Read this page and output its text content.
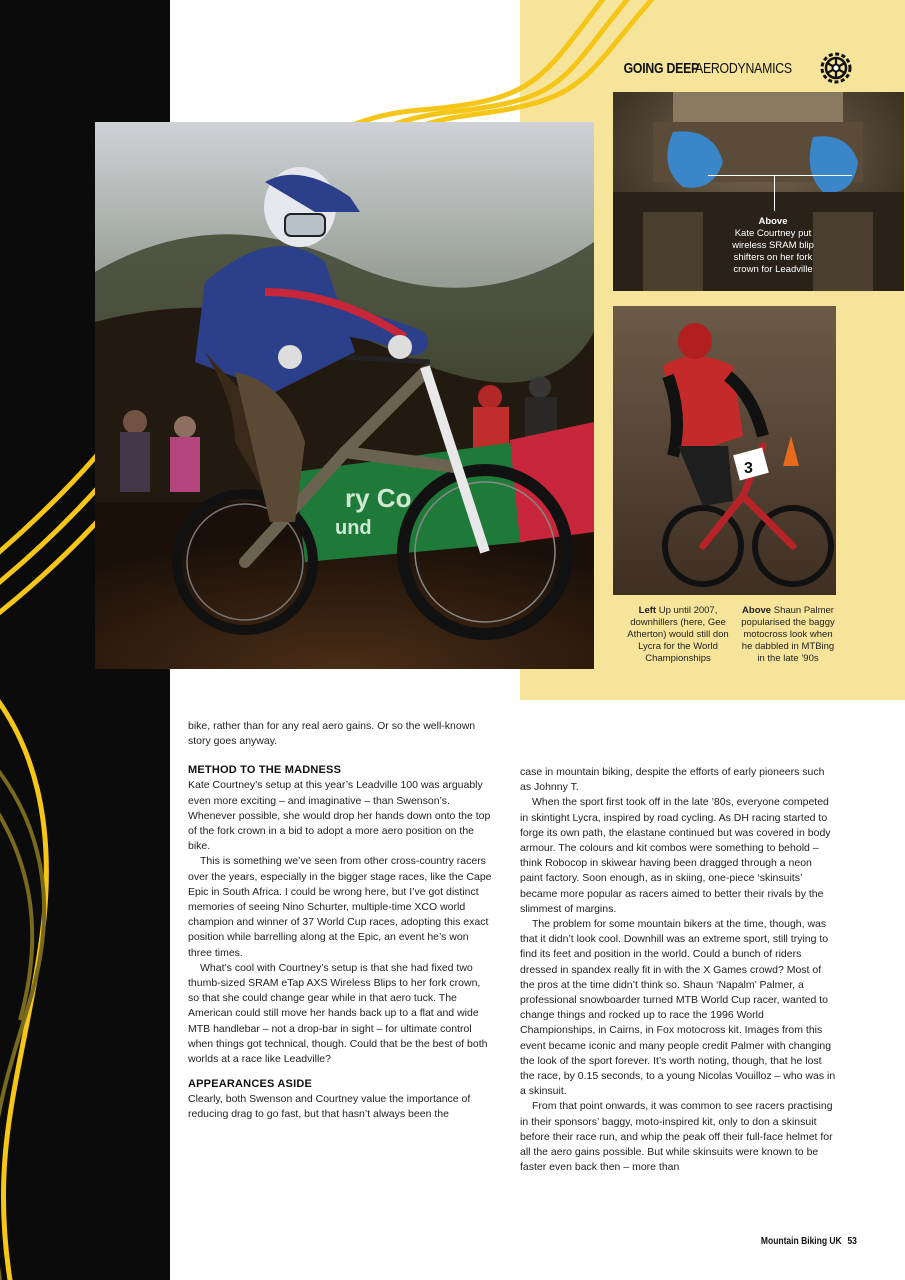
GOING DEEP
AERODYNAMICS
ry Co
und
Above
Kate Courtney put wireless SRAM blip shifters on her fork crown for Leadville
3
Left Up until 2007, downhillers (here, Gee Atherton) would still don Lycra for the World Championships
Above Shaun Palmer popularised the baggy motocross look when he dabbled in MTBing in the late ’90s

bike, rather than for any real aero gains. Or so the well-known story goes anyway.

METHOD TO THE MADNESS

Kate Courtney’s setup at this year’s Leadville 100 was arguably even more exciting – and imaginative – than Swenson’s. Whenever possible, she would drop her hands down onto the top of the fork crown in a bid to adopt a more aero position on the bike.

This is something we’ve seen from other cross-country racers over the years, especially in the bigger stage races, like the Cape Epic in South Africa. I could be wrong here, but I’ve got distinct memories of seeing Nino Schurter, multiple-time XCO world champion and winner of 37 World Cup races, adopting this exact position while barrelling along at the Epic, an event he’s won three times.

What’s cool with Courtney’s setup is that she had fixed two thumb-sized SRAM eTap AXS Wireless Blips to her fork crown, so that she could change gear while in that aero tuck. The American could still move her hands back up to a flat and wide MTB handlebar – not a drop-bar in sight – for ultimate control when things got technical, though. Could that be the best of both worlds at a race like Leadville?

APPEARANCES ASIDE

Clearly, both Swenson and Courtney value the importance of reducing drag to go fast, but that hasn’t always been the

case in mountain biking, despite the efforts of early pioneers such as Johnny T.

When the sport first took off in the late ’80s, everyone competed in skintight Lycra, inspired by road cycling. As DH racing started to forge its own path, the elastane continued but was covered in body armour. The colours and kit combos were something to behold – think Robocop in skiwear having been dragged through a neon paint factory. Soon enough, as in skiing, one-piece ‘skinsuits’ became more popular as racers aimed to better their rivals by the slimmest of margins.

The problem for some mountain bikers at the time, though, was that it didn’t look cool. Downhill was an extreme sport, still trying to find its feet and position in the world. Could a bunch of riders dressed in spandex really fit in with the X Games crowd? Most of the pros at the time didn’t think so. Shaun ‘Napalm’ Palmer, a professional snowboarder turned MTB World Cup racer, wanted to change things and rocked up to race the 1996 World Championships, in Cairns, in Fox motocross kit. Images from this event became iconic and many people credit Palmer with changing the look of the sport forever. It’s worth noting, though, that he lost the race, by 0.15 seconds, to a young Nicolas Vouilloz – who was in a skinsuit.

From that point onwards, it was common to see racers practising in their sponsors’ baggy, moto-inspired kit, only to don a skinsuit before their race run, and whip the peak off their full-face helmet for all the aero gains possible. But while skinsuits were known to be faster even back then – more than

Mountain Biking UK 53
